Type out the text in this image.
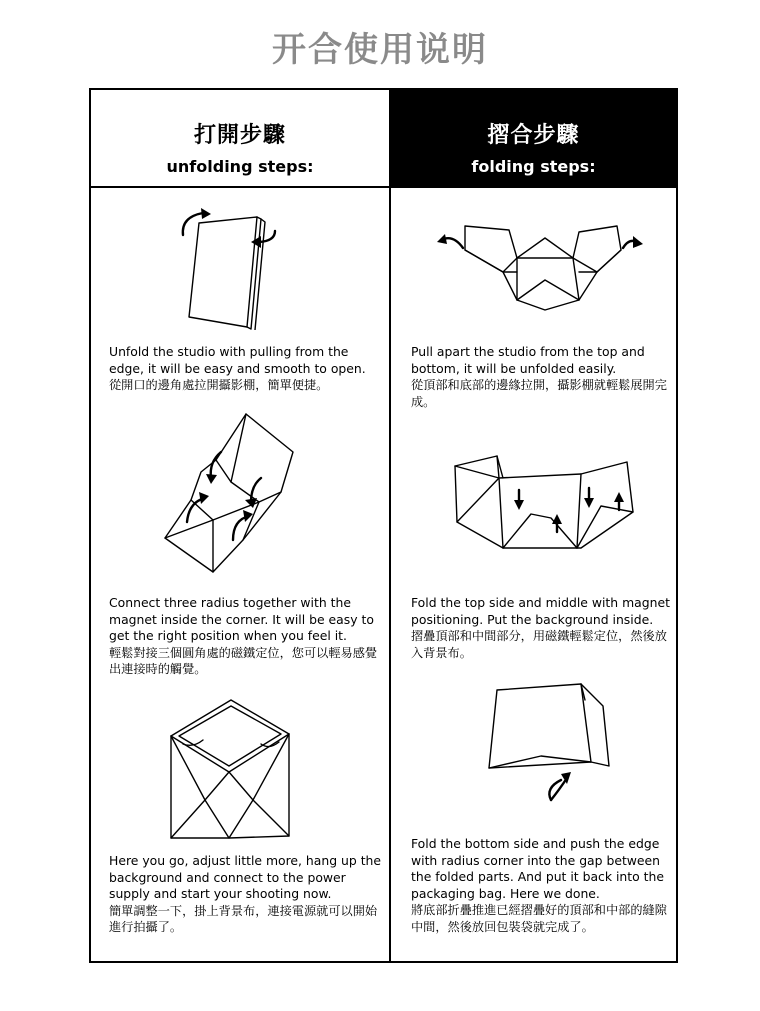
开合使用说明
打開步驟
unfolding steps:
摺合步驟
folding steps:
Unfold the studio with pulling from the edge, it will be easy and smooth to open.
從開口的邊角處拉開攝影棚，簡單便捷。
Connect three radius together with the magnet inside the corner. It will be easy to get the right position when you feel it.
輕鬆對接三個圓角處的磁鐵定位，您可以輕易感覺出連接時的觸覺。
Here you go, adjust little more, hang up the background and connect to the power supply and start your shooting now.
簡單調整一下，掛上背景布，連接電源就可以開始進行拍攝了。
Pull apart the studio from the top and bottom, it will be unfolded easily.
從頂部和底部的邊緣拉開，攝影棚就輕鬆展開完成。
Fold the top side and middle with magnet positioning. Put the background inside.
摺疊頂部和中間部分，用磁鐵輕鬆定位，然後放入背景布。
Fold the bottom side and push the edge with radius corner into the gap between the folded parts. And put it back into the packaging bag. Here we done.
將底部折疊推進已經摺疊好的頂部和中部的縫隙中間，然後放回包裝袋就完成了。
